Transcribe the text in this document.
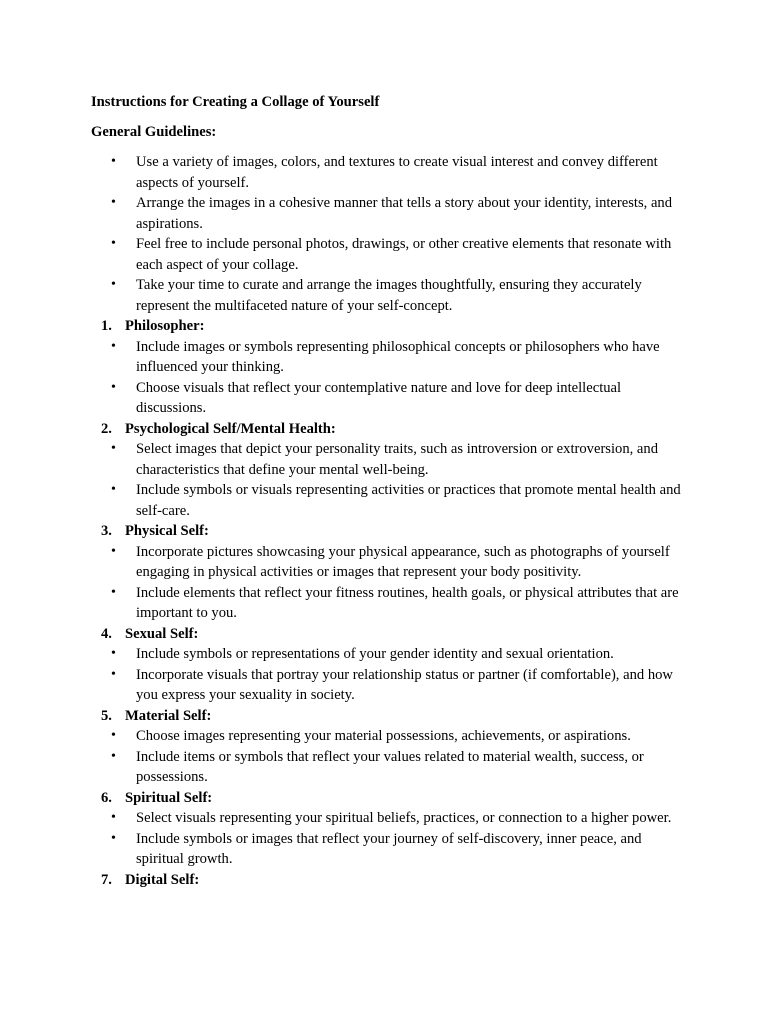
Instructions for Creating a Collage of Yourself
General Guidelines:
• Use a variety of images, colors, and textures to create visual interest and convey different aspects of yourself.
• Arrange the images in a cohesive manner that tells a story about your identity, interests, and aspirations.
• Feel free to include personal photos, drawings, or other creative elements that resonate with each aspect of your collage.
• Take your time to curate and arrange the images thoughtfully, ensuring they accurately represent the multifaceted nature of your self-concept.
1. Philosopher:
• Include images or symbols representing philosophical concepts or philosophers who have influenced your thinking.
• Choose visuals that reflect your contemplative nature and love for deep intellectual discussions.
2. Psychological Self/Mental Health:
• Select images that depict your personality traits, such as introversion or extroversion, and characteristics that define your mental well-being.
• Include symbols or visuals representing activities or practices that promote mental health and self-care.
3. Physical Self:
• Incorporate pictures showcasing your physical appearance, such as photographs of yourself engaging in physical activities or images that represent your body positivity.
• Include elements that reflect your fitness routines, health goals, or physical attributes that are important to you.
4. Sexual Self:
• Include symbols or representations of your gender identity and sexual orientation.
• Incorporate visuals that portray your relationship status or partner (if comfortable), and how you express your sexuality in society.
5. Material Self:
• Choose images representing your material possessions, achievements, or aspirations.
• Include items or symbols that reflect your values related to material wealth, success, or possessions.
6. Spiritual Self:
• Select visuals representing your spiritual beliefs, practices, or connection to a higher power.
• Include symbols or images that reflect your journey of self-discovery, inner peace, and spiritual growth.
7. Digital Self:
